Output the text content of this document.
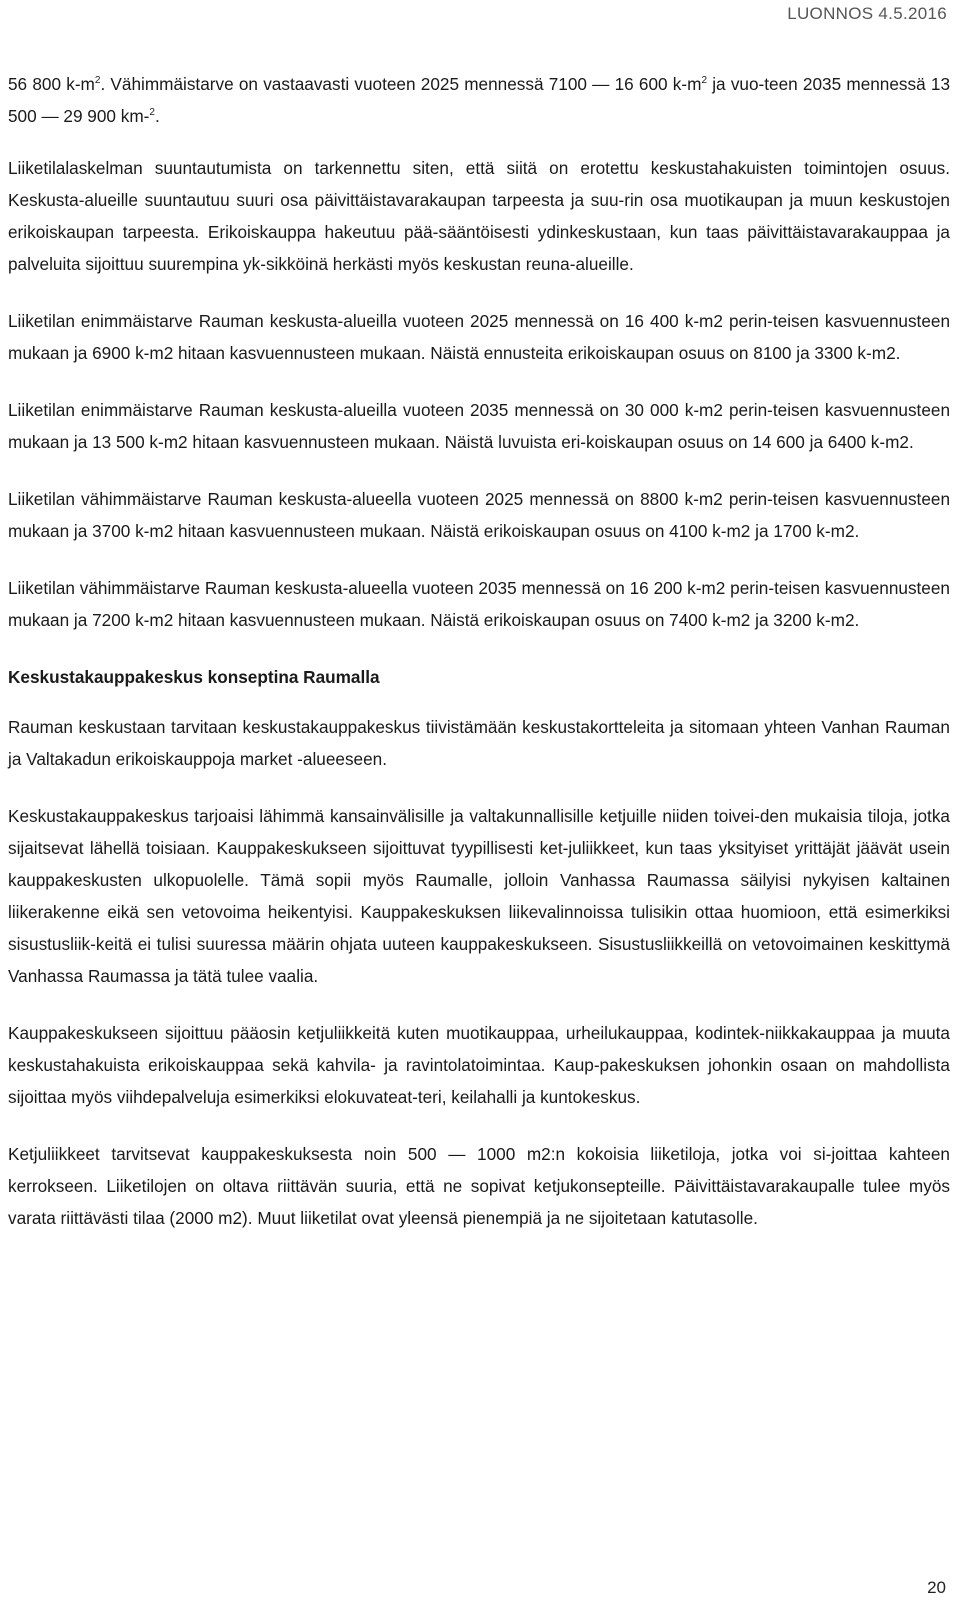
LUONNOS 4.5.2016

56 800 $k-m^2$. Vähimmäistarve on vastaavasti vuoteen 2025 mennessä 7100 — 16 600 $k-m^2$ ja vuo-teen 2035 mennessä 13 500 — 29 900 km-$^2$.

Liiketilalaskelman suuntautumista on tarkennettu siten, että siitä on erotettu keskustahakuisten toimintojen osuus. Keskusta-alueille suuntautuu suuri osa päivittäistavarakaupan tarpeesta ja suu-rin osa muotikaupan ja muun keskustojen erikoiskaupan tarpeesta. Erikoiskauppa hakeutuu pää-sääntöisesti ydinkeskustaan, kun taas päivittäistavarakauppaa ja palveluita sijoittuu suurempina yk-sikköinä herkästi myös keskustan reuna-alueille.

Liiketilan enimmäistarve Rauman keskusta-alueilla vuoteen 2025 mennessä on 16 400 k-m2 perin-teisen kasvuennusteen mukaan ja 6900 k-m2 hitaan kasvuennusteen mukaan. Näistä ennusteita erikoiskaupan osuus on 8100 ja 3300 k-m2.

Liiketilan enimmäistarve Rauman keskusta-alueilla vuoteen 2035 mennessä on 30 000 k-m2 perin-teisen kasvuennusteen mukaan ja 13 500 k-m2 hitaan kasvuennusteen mukaan. Näistä luvuista eri-koiskaupan osuus on 14 600 ja 6400 k-m2.

Liiketilan vähimmäistarve Rauman keskusta-alueella vuoteen 2025 mennessä on 8800 k-m2 perin-teisen kasvuennusteen mukaan ja 3700 k-m2 hitaan kasvuennusteen mukaan. Näistä erikoiskaupan osuus on 4100 k-m2 ja 1700 k-m2.

Liiketilan vähimmäistarve Rauman keskusta-alueella vuoteen 2035 mennessä on 16 200 k-m2 perin-teisen kasvuennusteen mukaan ja 7200 k-m2 hitaan kasvuennusteen mukaan. Näistä erikoiskaupan osuus on 7400 k-m2 ja 3200 k-m2.

Keskustakauppakeskus konseptina Raumalla

Rauman keskustaan tarvitaan keskustakauppakeskus tiivistämään keskustakortteleita ja sitomaan yhteen Vanhan Rauman ja Valtakadun erikoiskauppoja market -alueeseen.

Keskustakauppakeskus tarjoaisi lähimmä kansainvälisille ja valtakunnallisille ketjuille niiden toivei-den mukaisia tiloja, jotka sijaitsevat lähellä toisiaan. Kauppakeskukseen sijoittuvat tyypillisesti ket-juliikkeet, kun taas yksityiset yrittäjät jäävät usein kauppakeskusten ulkopuolelle. Tämä sopii myös Raumalle, jolloin Vanhassa Raumassa säilyisi nykyisen kaltainen liikerakenne eikä sen vetovoima heikentyisi. Kauppakeskuksen liikevalinnoissa tulisikin ottaa huomioon, että esimerkiksi sisustusliik-keitä ei tulisi suuressa määrin ohjata uuteen kauppakeskukseen. Sisustusliikkeillä on vetovoimainen keskittymä Vanhassa Raumassa ja tätä tulee vaalia.

Kauppakeskukseen sijoittuu pääosin ketjuliikkeitä kuten muotikauppaa, urheilukauppaa, kodintek-niikkakauppaa ja muuta keskustahakuista erikoiskauppaa sekä kahvila- ja ravintolatoimintaa. Kaup-pakeskuksen johonkin osaan on mahdollista sijoittaa myös viihdepalveluja esimerkiksi elokuvateat-teri, keilahalli ja kuntokeskus.

Ketjuliikkeet tarvitsevat kauppakeskuksesta noin 500 — 1000 m2:n kokoisia liiketiloja, jotka voi si-joittaa kahteen kerrokseen. Liiketilojen on oltava riittävän suuria, että ne sopivat ketjukonsepteille. Päivittäistavarakaupalle tulee myös varata riittävästi tilaa (2000 m2). Muut liiketilat ovat yleensä pienempiä ja ne sijoitetaan katutasolle.

20
